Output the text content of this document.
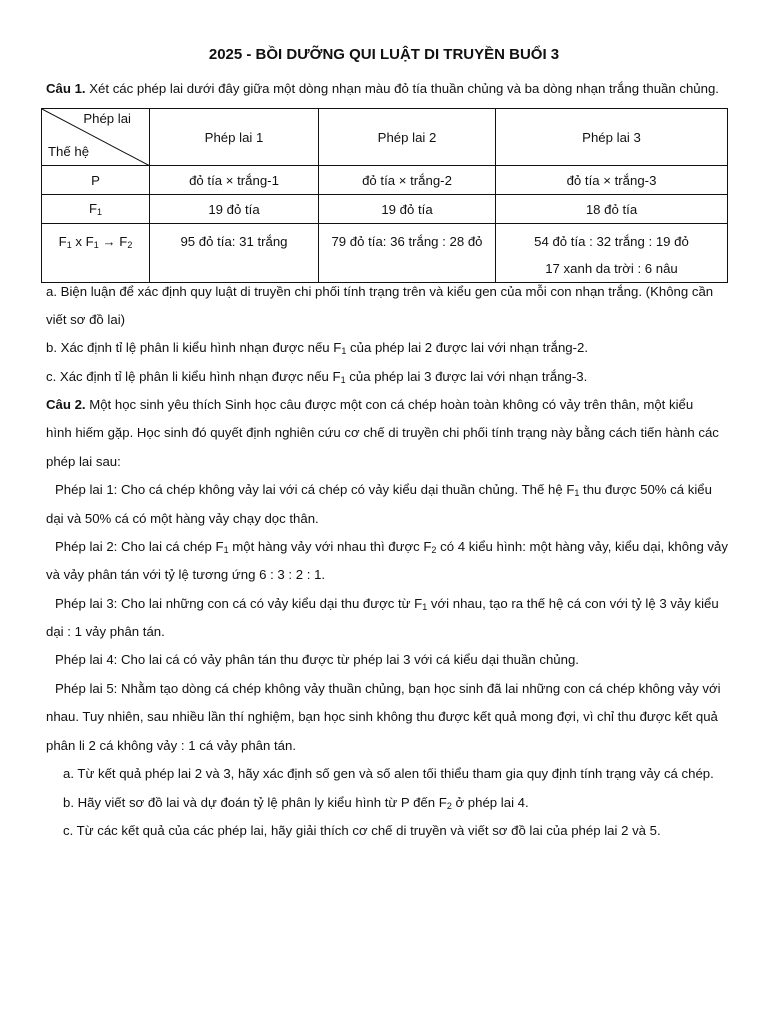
2025 - BỒI DƯỠNG QUI LUẬT DI TRUYỀN BUỔI 3
Câu 1. Xét các phép lai dưới đây giữa một dòng nhạn màu đỏ tía thuần chủng và ba dòng nhạn trắng thuần chủng.
Phép lai
Thế hệ	Phép lai 1	Phép lai 2	Phép lai 3
P	đỏ tía × trắng-1	đỏ tía × trắng-2	đỏ tía × trắng-3
$F_1$	19 đỏ tía	19 đỏ tía	18 đỏ tía

$F_1$ x $F_1 \to F_2$	95 đỏ tía: 31 trắng	79 đỏ tía: 36 trắng : 28 đỏ	54 đỏ tía : 32 trắng : 19 đỏ
17 xanh da trời : 6 nâu
a. Biện luận để xác định quy luật di truyền chi phối tính trạng trên và kiểu gen của mỗi con nhạn trắng. (Không cần
viết sơ đồ lai)
b. Xác định tỉ lệ phân li kiểu hình nhạn được nếu $F_1$ của phép lai 2 được lai với nhạn trắng-2.
c. Xác định tỉ lệ phân li kiểu hình nhạn được nếu $F_1$ của phép lai 3 được lai với nhạn trắng-3.
Câu 2. Một học sinh yêu thích Sinh học câu được một con cá chép hoàn toàn không có vảy trên thân, một kiểu
hình hiếm gặp. Học sinh đó quyết định nghiên cứu cơ chế di truyền chi phối tính trạng này bằng cách tiến hành các
phép lai sau:
Phép lai 1: Cho cá chép không vảy lai với cá chép có vảy kiểu dại thuần chủng. Thế hệ $F_1$ thu được 50% cá kiểu
dại và 50% cá có một hàng vảy chạy dọc thân.
Phép lai 2: Cho lai cá chép $F_1$ một hàng vảy với nhau thì được $F_2$ có 4 kiểu hình: một hàng vảy, kiểu dại, không vảy
và vảy phân tán với tỷ lệ tương ứng 6 : 3 : 2 : 1.
Phép lai 3: Cho lai những con cá có vảy kiểu dại thu được từ $F_1$ với nhau, tạo ra thế hệ cá con với tỷ lệ 3 vảy kiểu
dại : 1 vảy phân tán.
Phép lai 4: Cho lai cá có vảy phân tán thu được từ phép lai 3 với cá kiểu dại thuần chủng.
Phép lai 5: Nhằm tạo dòng cá chép không vảy thuần chủng, bạn học sinh đã lai những con cá chép không vảy với
nhau. Tuy nhiên, sau nhiều lần thí nghiệm, bạn học sinh không thu được kết quả mong đợi, vì chỉ thu được kết quả
phân li 2 cá không vảy : 1 cá vảy phân tán.
a. Từ kết quả phép lai 2 và 3, hãy xác định số gen và số alen tối thiểu tham gia quy định tính trạng vảy cá chép.
b. Hãy viết sơ đồ lai và dự đoán tỷ lệ phân ly kiểu hình từ P đến $F_2$ ở phép lai 4.
c. Từ các kết quả của các phép lai, hãy giải thích cơ chế di truyền và viết sơ đồ lai của phép lai 2 và 5.
